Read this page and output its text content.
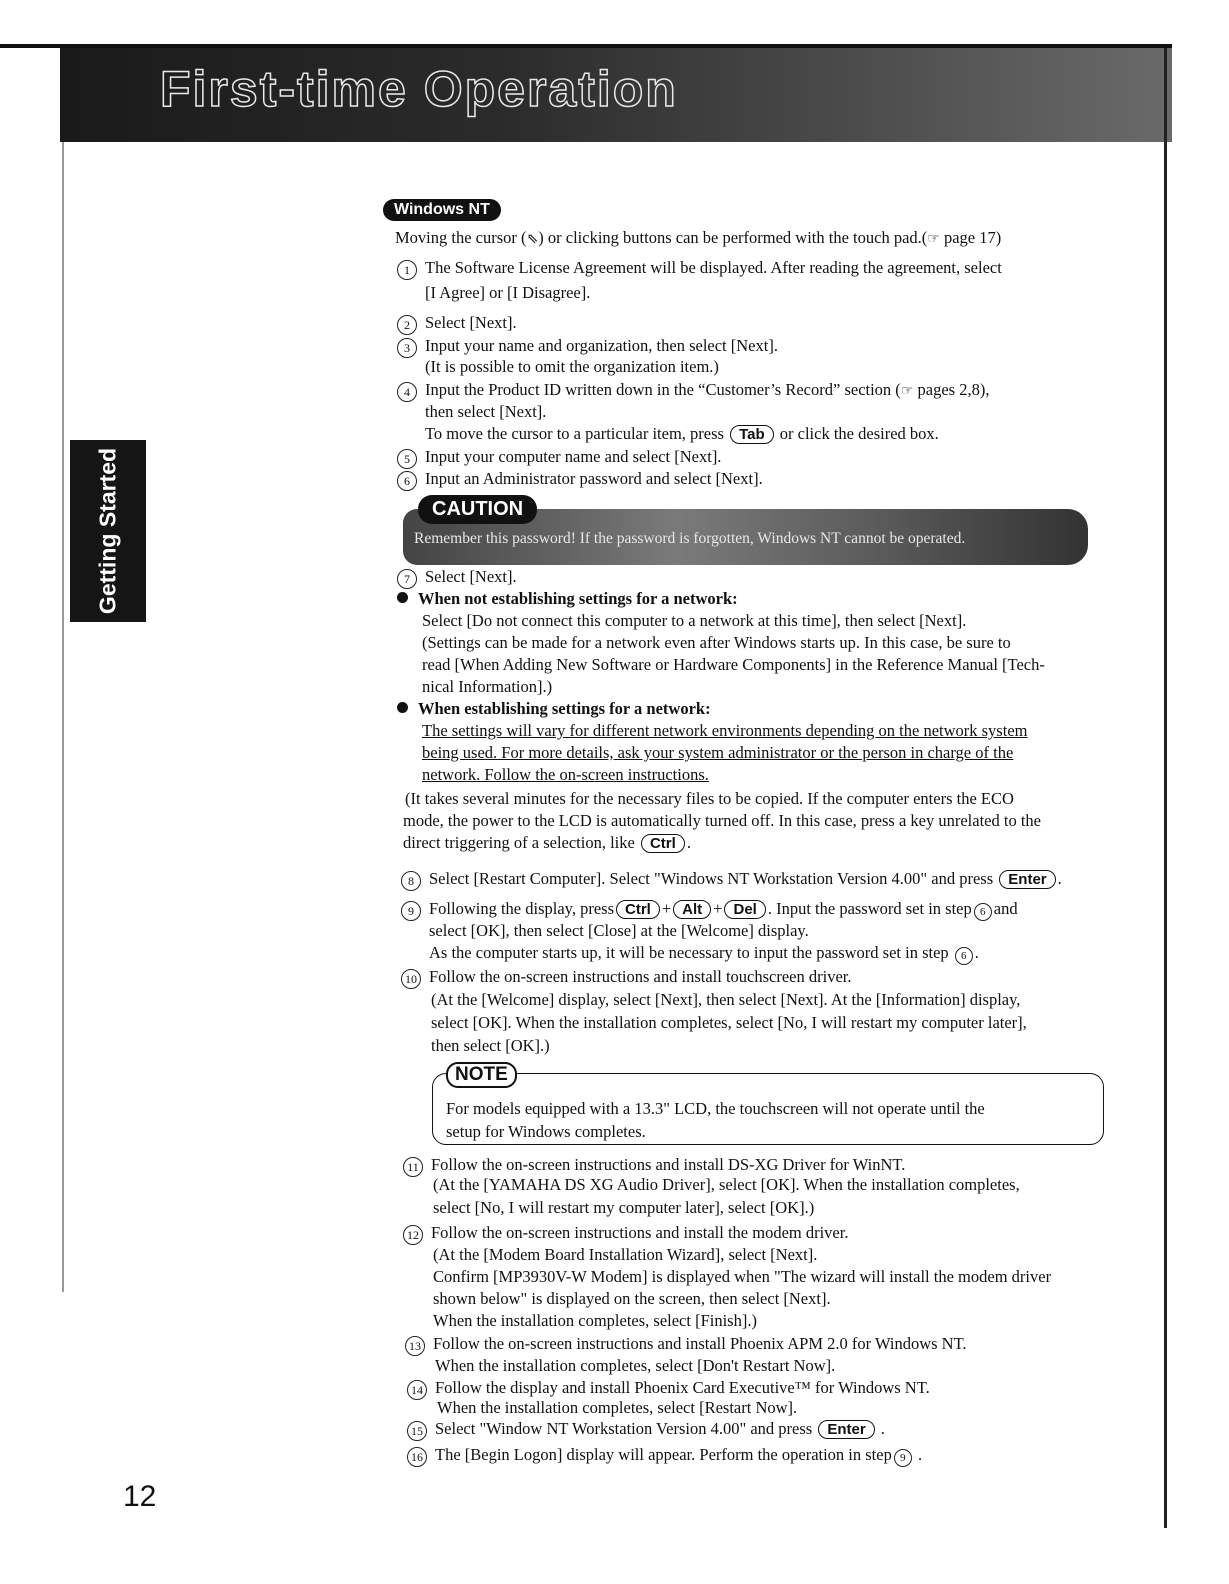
First-time Operation
Getting Started
12
Windows NT
Moving the cursor (⇖) or clicking buttons can be performed with the touch pad.(☞ page 17)
1 The Software License Agreement will be displayed. After reading the agreement, select
[I Agree] or [I Disagree].
2 Select [Next].
3 Input your name and organization, then select [Next].
(It is possible to omit the organization item.)
4 Input the Product ID written down in the “Customer’s Record” section (☞ pages 2,8),
then select [Next].
To move the cursor to a particular item, press Tab or click the desired box.
5 Input your computer name and select [Next].
6 Input an Administrator password and select [Next].
CAUTION
Remember this password! If the password is forgotten, Windows NT cannot be operated.
7 Select [Next].
When not establishing settings for a network:
Select [Do not connect this computer to a network at this time], then select [Next].
(Settings can be made for a network even after Windows starts up. In this case, be sure to
read [When Adding New Software or Hardware Components] in the Reference Manual [Tech-
nical Information].)
When establishing settings for a network:
The settings will vary for different network environments depending on the network system
being used. For more details, ask your system administrator or the person in charge of the
network. Follow the on-screen instructions.
(It takes several minutes for the necessary files to be copied. If the computer enters the ECO
mode, the power to the LCD is automatically turned off. In this case, press a key unrelated to the
direct triggering of a selection, like Ctrl .
8 Select [Restart Computer]. Select "Windows NT Workstation Version 4.00" and press Enter .
9 Following the display, press Ctrl + Alt + Del . Input the password set in step 6 and
select [OK], then select [Close] at the [Welcome] display.
As the computer starts up, it will be necessary to input the password set in step 6 .
10 Follow the on-screen instructions and install touchscreen driver.
(At the [Welcome] display, select [Next], then select [Next]. At the [Information] display,
select [OK]. When the installation completes, select [No, I will restart my computer later],
then select [OK].)
NOTE
For models equipped with a 13.3" LCD, the touchscreen will not operate until the
setup for Windows completes.
11 Follow the on-screen instructions and install DS-XG Driver for WinNT.
(At the [YAMAHA DS XG Audio Driver], select [OK]. When the installation completes,
select [No, I will restart my computer later], select [OK].)
12 Follow the on-screen instructions and install the modem driver.
(At the [Modem Board Installation Wizard], select [Next].
Confirm [MP3930V-W Modem] is displayed when "The wizard will install the modem driver
shown below" is displayed on the screen, then select [Next].
When the installation completes, select [Finish].)
13 Follow the on-screen instructions and install Phoenix APM 2.0 for Windows NT.
When the installation completes, select [Don't Restart Now].
14 Follow the display and install Phoenix Card Executive™ for Windows NT.
When the installation completes, select [Restart Now].
15 Select "Window NT Workstation Version 4.00" and press Enter .
16 The [Begin Logon] display will appear. Perform the operation in step 9 .
